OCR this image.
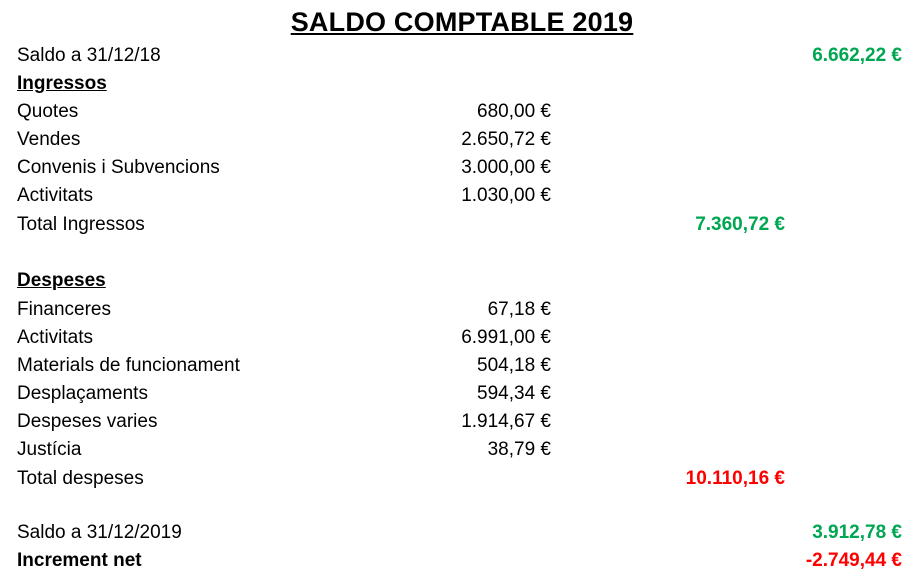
SALDO COMPTABLE 2019
Saldo a 31/12/18	6.662,22 €
Ingressos
Quotes	680,00 €
Vendes	2.650,72 €
Convenis i Subvencions	3.000,00 €
Activitats	1.030,00 €
Total Ingressos	7.360,72 €
Despeses
Financeres	67,18 €
Activitats	6.991,00 €
Materials de funcionament	504,18 €
Desplaçaments	594,34 €
Despeses varies	1.914,67 €
Justícia	38,79 €
Total despeses	10.110,16 €
Saldo a 31/12/2019	3.912,78 €
Increment net	-2.749,44 €
